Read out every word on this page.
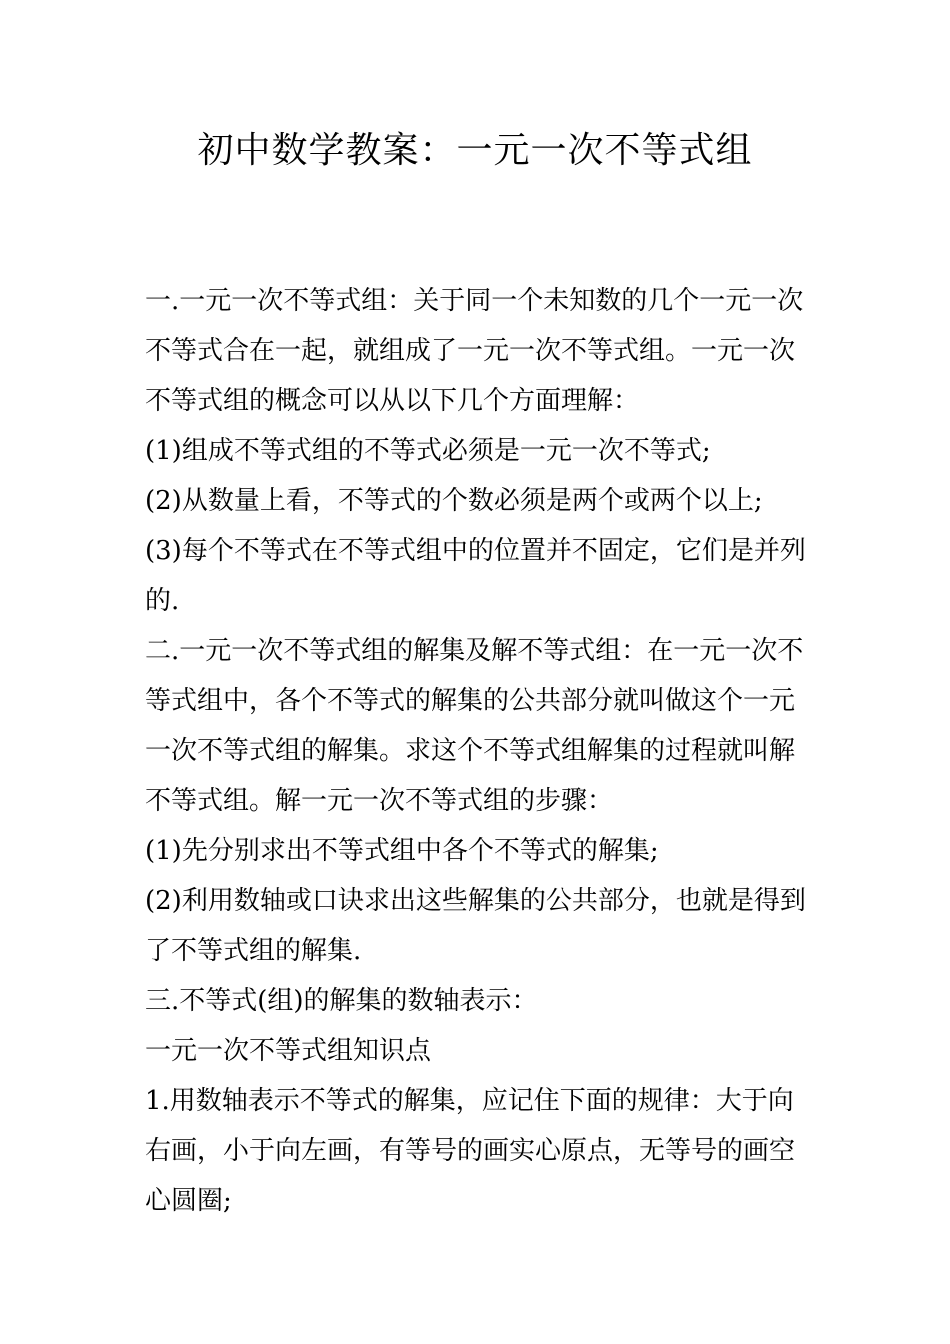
初中数学教案：一元一次不等式组

一.一元一次不等式组：关于同一个未知数的几个一元一次不等式合在一起，就组成了一元一次不等式组。一元一次不等式组的概念可以从以下几个方面理解：

(1)组成不等式组的不等式必须是一元一次不等式;

(2)从数量上看，不等式的个数必须是两个或两个以上;

(3)每个不等式在不等式组中的位置并不固定，它们是并列的.

二.一元一次不等式组的解集及解不等式组：在一元一次不等式组中，各个不等式的解集的公共部分就叫做这个一元一次不等式组的解集。求这个不等式组解集的过程就叫解不等式组。解一元一次不等式组的步骤：

(1)先分别求出不等式组中各个不等式的解集;

(2)利用数轴或口诀求出这些解集的公共部分，也就是得到了不等式组的解集.

三.不等式(组)的解集的数轴表示：

一元一次不等式组知识点

1.用数轴表示不等式的解集，应记住下面的规律：大于向右画，小于向左画，有等号的画实心原点，无等号的画空心圆圈;
